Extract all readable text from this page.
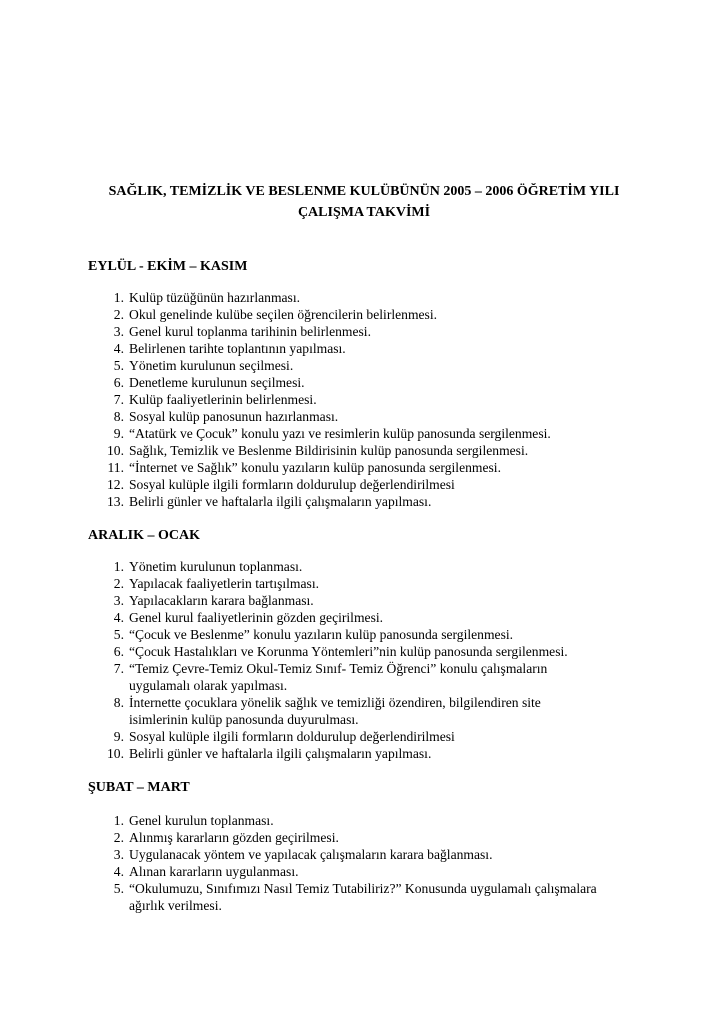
SAĞLIK, TEMİZLİK VE BESLENME KULÜBÜNÜN 2005 – 2006 ÖĞRETİM YILI
ÇALIŞMA TAKVİMİ
EYLÜL - EKİM – KASIM
1. Kulüp tüzüğünün hazırlanması.
2. Okul genelinde kulübe seçilen öğrencilerin belirlenmesi.
3. Genel kurul toplanma tarihinin belirlenmesi.
4. Belirlenen tarihte toplantının yapılması.
5. Yönetim kurulunun seçilmesi.
6. Denetleme kurulunun seçilmesi.
7. Kulüp faaliyetlerinin belirlenmesi.
8. Sosyal kulüp panosunun hazırlanması.
9. “Atatürk ve Çocuk” konulu yazı ve resimlerin kulüp panosunda sergilenmesi.
10. Sağlık, Temizlik ve Beslenme Bildirisinin kulüp panosunda sergilenmesi.
11. “İnternet ve Sağlık” konulu yazıların kulüp panosunda sergilenmesi.
12. Sosyal kulüple ilgili formların doldurulup değerlendirilmesi
13. Belirli günler ve haftalarla ilgili çalışmaların yapılması.
ARALIK – OCAK
1. Yönetim kurulunun toplanması.
2. Yapılacak faaliyetlerin tartışılması.
3. Yapılacakların karara bağlanması.
4. Genel kurul faaliyetlerinin gözden geçirilmesi.
5. “Çocuk ve Beslenme” konulu yazıların kulüp panosunda sergilenmesi.
6. “Çocuk Hastalıkları ve Korunma Yöntemleri”nin kulüp panosunda sergilenmesi.
7. “Temiz Çevre-Temiz Okul-Temiz Sınıf- Temiz Öğrenci” konulu çalışmaların
uygulamalı olarak yapılması.
8. İnternette çocuklara yönelik sağlık ve temizliği özendiren, bilgilendiren site
isimlerinin kulüp panosunda duyurulması.
9. Sosyal kulüple ilgili formların doldurulup değerlendirilmesi
10. Belirli günler ve haftalarla ilgili çalışmaların yapılması.
ŞUBAT – MART
1. Genel kurulun toplanması.
2. Alınmış kararların gözden geçirilmesi.
3. Uygulanacak yöntem ve yapılacak çalışmaların karara bağlanması.
4. Alınan kararların uygulanması.
5. “Okulumuzu, Sınıfımızı Nasıl Temiz Tutabiliriz?” Konusunda uygulamalı çalışmalara
ağırlık verilmesi.
